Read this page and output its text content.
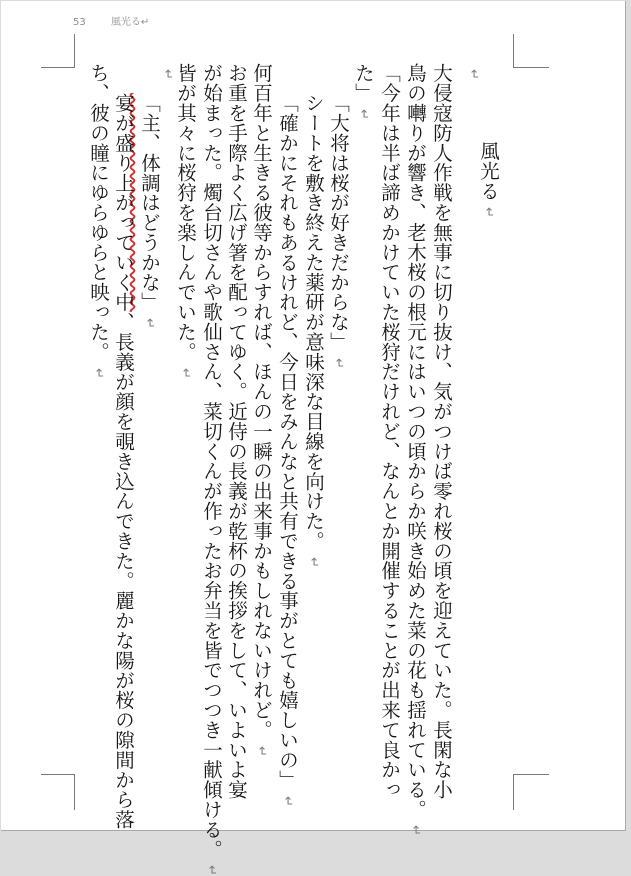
53	風光る↵
風光る↵
↵
大侵寇防人作戦を無事に切り抜け、気がつけば零れ桜の頃を迎えていた。長閑な小
鳥の囀りが響き、老木桜の根元にはいつの頃からか咲き始めた菜の花も揺れている。↵
「今年は半ば諦めかけていた桜狩だけれど、なんとか開催することが出来て良かっ
た」↵
「大将は桜が好きだからな」↵
シートを敷き終えた薬研が意味深な目線を向けた。↵
「確かにそれもあるけれど、今日をみんなと共有できる事がとても嬉しいの」↵
何百年と生きる彼等からすれば、ほんの一瞬の出来事かもしれないけれど。↵
お重を手際よく広げ箸を配ってゆく。近侍の長義が乾杯の挨拶をして、いよいよ宴
が始まった。燭台切さんや歌仙さん、菜切くんが作ったお弁当を皆でつつき一献傾ける。↵
皆が其々に桜狩を楽しんでいた。↵
↵
「主、体調はどうかな」↵
宴が盛り上がっていく中、長義が顔を覗き込んできた。麗かな陽が桜の隙間から落
ち、彼の瞳にゆらゆらと映った。↵
